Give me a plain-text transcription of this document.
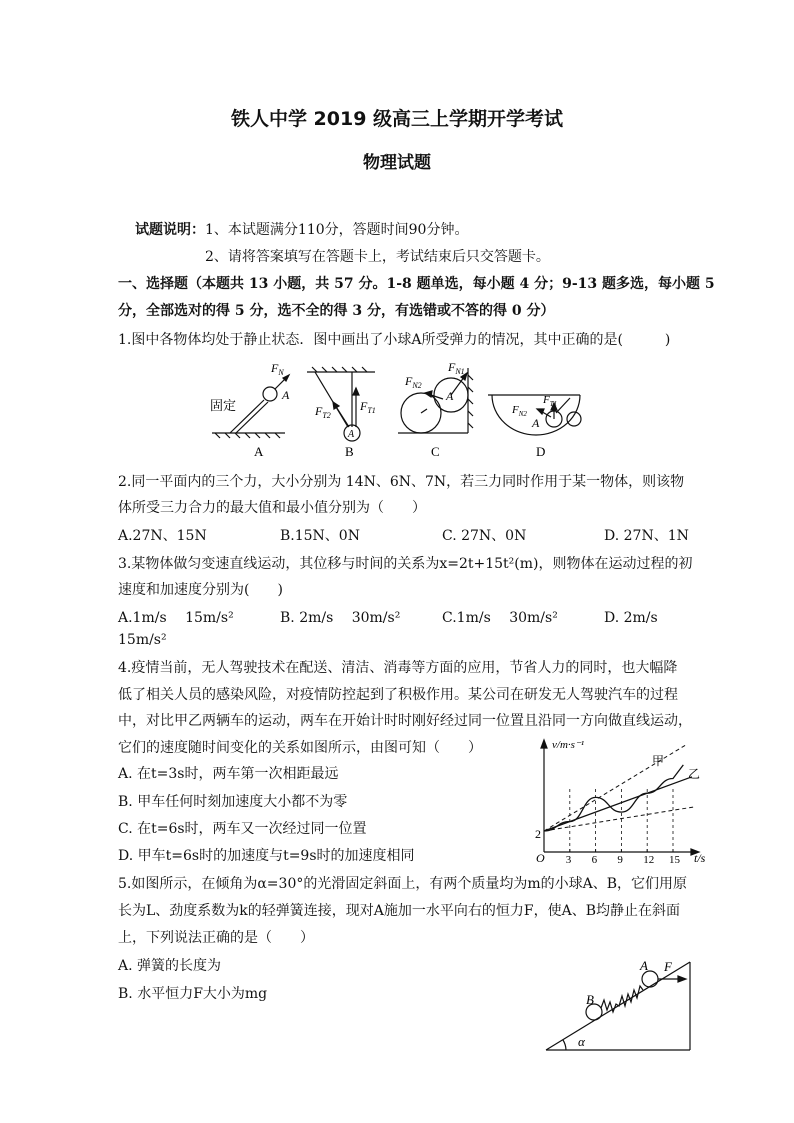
铁人中学 2019 级高三上学期开学考试
物理试题
试题说明：1、本试题满分110分，答题时间90分钟。
2、请将答案填写在答题卡上，考试结束后只交答题卡。
一、选择题（本题共 13 小题，共 57 分。1-8 题单选，每小题 4 分；9-13 题多选，每小题 5
分，全部选对的得 5 分，选不全的得 3 分，有选错或不答的得 0 分）
1.图中各物体均处于静止状态．图中画出了小球A所受弹力的情况，其中正确的是(　　　)
固定
$F_N$
A
$F_{T1}$
$F_{T2}$
A
$F_{N1}$
$F_{N2}$
A	$F_{T1}$
$F_{N2}$
A
A	B	C	D
2.同一平面内的三个力，大小分别为 14N、6N、7N，若三力同时作用于某一物体，则该物
体所受三力合力的最大值和最小值分别为（　　）
A.27N、15N	B.15N、0N	C. 27N、0N	D. 27N、1N
3.某物体做匀变速直线运动，其位移与时间的关系为x=2t+15t²(m)，则物体在运动过程的初
速度和加速度分别为(　　)
A.1m/s　 15m/s²	B. 2m/s　 30m/s²	C.1m/s　 30m/s²	D. 2m/s
15m/s²
4.疫情当前，无人驾驶技术在配送、清洁、消毒等方面的应用，节省人力的同时，也大幅降
低了相关人员的感染风险，对疫情防控起到了积极作用。某公司在研发无人驾驶汽车的过程
中，对比甲乙两辆车的运动，两车在开始计时时刚好经过同一位置且沿同一方向做直线运动，
它们的速度随时间变化的关系如图所示，由图可知（　　）
A. 在t=3s时，两车第一次相距最远
B. 甲车任何时刻加速度大小都不为零
C. 在t=6s时，两车又一次经过同一位置
D. 甲车t=6s时的加速度与t=9s时的加速度相同	3 6 9 12 15
v/m·s⁻¹
t/s
O
2
甲
乙
5.如图所示，在倾角为α=30°的光滑固定斜面上，有两个质量均为m的小球A、B，它们用原
长为L、劲度系数为k的轻弹簧连接，现对A施加一水平向右的恒力F，使A、B均静止在斜面
上，下列说法正确的是（　　）
A. 弹簧的长度为
B. 水平恒力F大小为mg
A
B
F
α
